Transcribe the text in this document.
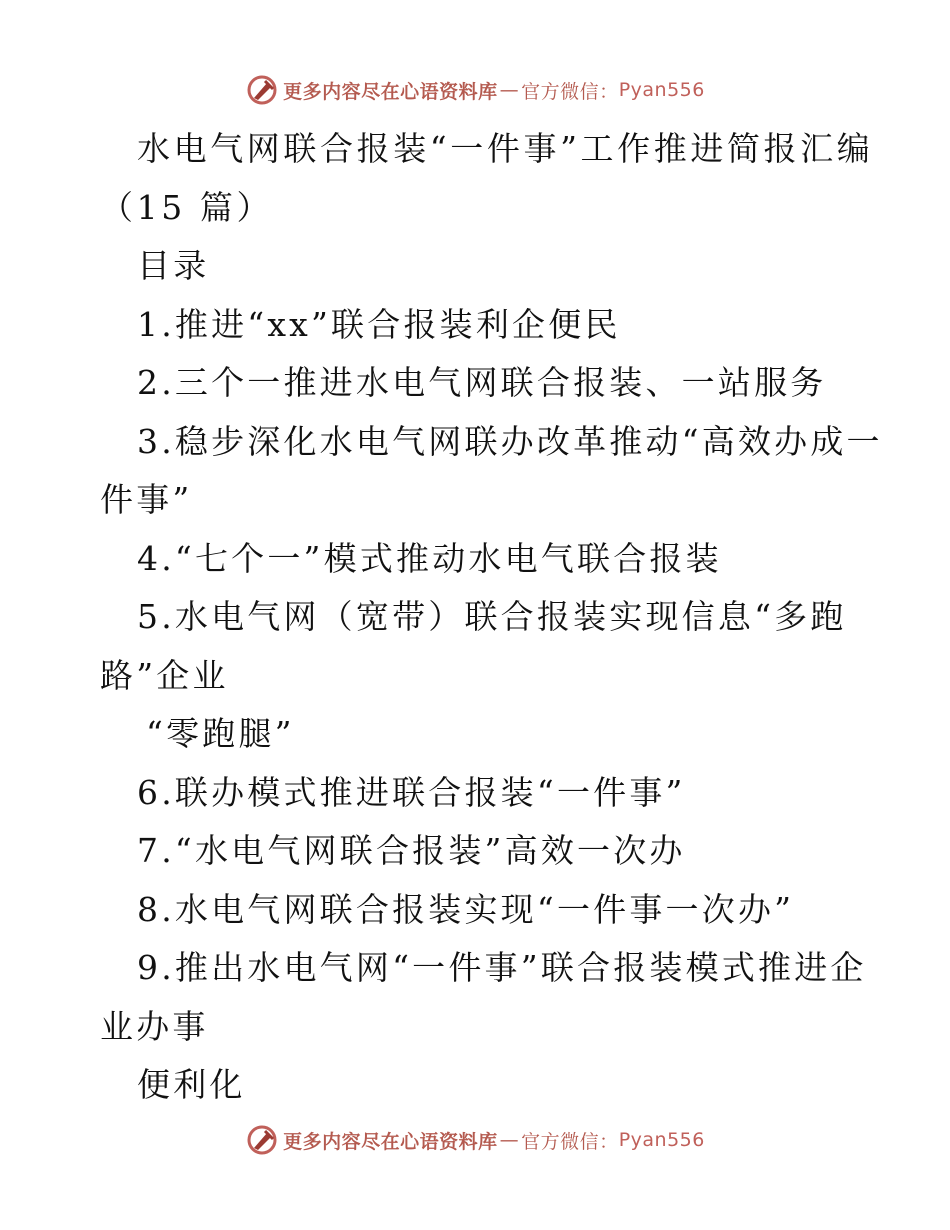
更多内容尽在心语资料库 — 官方微信： Pyan556
水电气网联合报装“一件事”工作推进简报汇编
（15 篇）
目录
1.推进“xx”联合报装利企便民
2.三个一推进水电气网联合报装、一站服务
3.稳步深化水电气网联办改革推动“高效办成一
件事”
4.“七个一”模式推动水电气联合报装
5.水电气网（宽带）联合报装实现信息“多跑
路”企业
“零跑腿”
6.联办模式推进联合报装“一件事”
7.“水电气网联合报装”高效一次办
8.水电气网联合报装实现“一件事一次办”
9.推出水电气网“一件事”联合报装模式推进企
业办事
便利化
更多内容尽在心语资料库 — 官方微信： Pyan556
